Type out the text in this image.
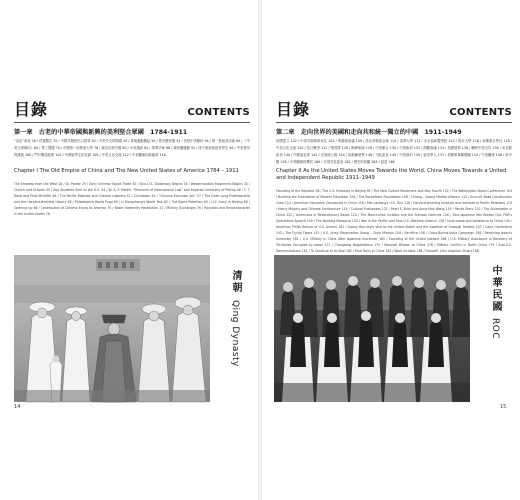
目錄	CONTENTS
第一章　古老的中華帝國與新興的美利堅合眾國　1784-1911
“皇后”商來 28 / 伯駕醫生 32 / 中國早期的出口貿易 40 / 中美外交的開端 44 / 茶葉運動興起 50 / 普安樂瓷器 54 / 首屆中美條約 56 / 第一批留美幼童 60 / 《中美天津條約》64 / 華工問題 70 / 中國第一所教會大學 76 / 蒲安臣與中國 80 / 中美通商 84 / 排華法案 88 / 義和團運動 92 / 庚子賠款與留美學生 96 / 中美貿易的擴展 100 / 門戶開放政策 104 / 中國留學生的足跡 108 / 中美文化交流 112 / 中美關係的新篇章 116
Chapter I The Old Empire of China and The New United States of America 1784 – 1911
The Empress from the West 28 / Dr. Parker 29 / Early Chinese Export Trade 30 / Sino-U.S. Diplomacy Begins 34 / Westernization Movement Begins 35 / Church and Schools 40 / Boy Students Sent to the U.S. 44 / W. A. P. Martin, "Elements of International Law" and Imperial University of Peking 48 / F. T. Ward and Philo McGiffin 48 / The Pacific Railroad and Chinese Laborers 52 / Chinatown 54 / "Chinese Exclusion Act" 57 / The Dean Lung Professorship and the Harvard-Yenching Library 58 / Philadelphia World Expo 60 / Li Hongzhang's World Tour 62 / The Boxer Rebellion 64 / U.S. Army in Beijing 66 / Opening Up 68 / Contribution of Chinese Envoy to America 70 / Boxer Indemnity Restitution 72 / Military Exchanges 76 / Royalists and Revolutionaries in the United States 78
清朝
Qing Dynasty
14
目錄	CONTENTS
第二章　走向世界的美國和走向共和統一獨立的中國　1911-1949
民國建立 102 / 中美早期海軍來往 104 / 華盛頓會議 108 / 洛克菲勒基金會 110 / 清華大學 112 / 北京協和醫學院 114 / 燕京大學 116 / 哈佛燕京學社 118 / 中美文化交流 120 / 抗日戰爭 122 / 飛虎隊 126 / 駝峰航線 128 / 中美聯合 130 / 中美新約 132 / 開羅會議 134 / 美國援華 136 / 戰時中美合作 138 / 宋美齡訪美 140 / 中國遠征軍 142 / 史迪威公路 144 / 馬歇爾使華 146 / 司徒雷登 148 / 中美商約 150 / 留美學人 152 / 美國軍事顧問團 154 / 中美關係 156 / 新中國 158 / 中美關係的轉折 160 / 告別司徒雷登 162 / 歷史的回顧 164 / 結語 166
Chapter II As the United States Moves Towards the World, China Moves Towards a United and Independent Republic 1911–1949
Founding of the Republic 98 / The U.S. Embassy in Beijing 99 / The New Culture Movement and May Fourth 102 / The Washington Naval Conference 104 / Building the Foundation of Modern Education 106 / The Rockefeller Foundation 108 / Chiang – Soong Marital Alliance 112 / Sino-US Road Construction Crew 114 / American Insurance Companies in China 116 / Mei Lanfang's U.S. Tour 118 / Harvard-Yenching Institute and Institute of Pacific Relations 119 / Henry Murphy and Chinese Architecture 119 / Cultural Exchanges 121 / Pearl S. Buck and Anna May Wong 119 / Panda Story 120 / The Automobile in China 122 / Americans in Revolutionary Bases 124 / The Manchurian Incident and the Stimson Doctrine 126 / Sino-Japanese War Breaks Out: FDR's Quarantine Speech 130 / The Nanking Massacre 134 / War in the Pacific and Sino-U.S. Wartime Alliance 138 / Lend-Lease and Assistance to China 140 / American POWs Rescue of U.S. Airmen 142 / Soong May-ling's Visit to the United States and the Abolition of Unequal Treaties 147 / Cairo Conference 152 / The Flying Tigers 151 / U.S. Army Observation Group – Dixie Mission 154 / Sacrifice 156 / China-Burma-India Campaign 158 / Receiving Japan's Surrender 161 / U.S. Military in China After Japanese Surrender 165 / Founding of the United Nations 168 / U.S. Military Assistance in Recovery of Territories Occupied by Japan 172 / Chongqing Negotiations 174 / Marshall Mission to China 178 / Military Conflict in North China 179 / Anti-U.S. Demonstrations 181 / To Continue or to Stop 182 / Final Days in China 184 / Ward Incident 186 / Farewell, John Leighton Stuart 188
中華民國
ROC
15
